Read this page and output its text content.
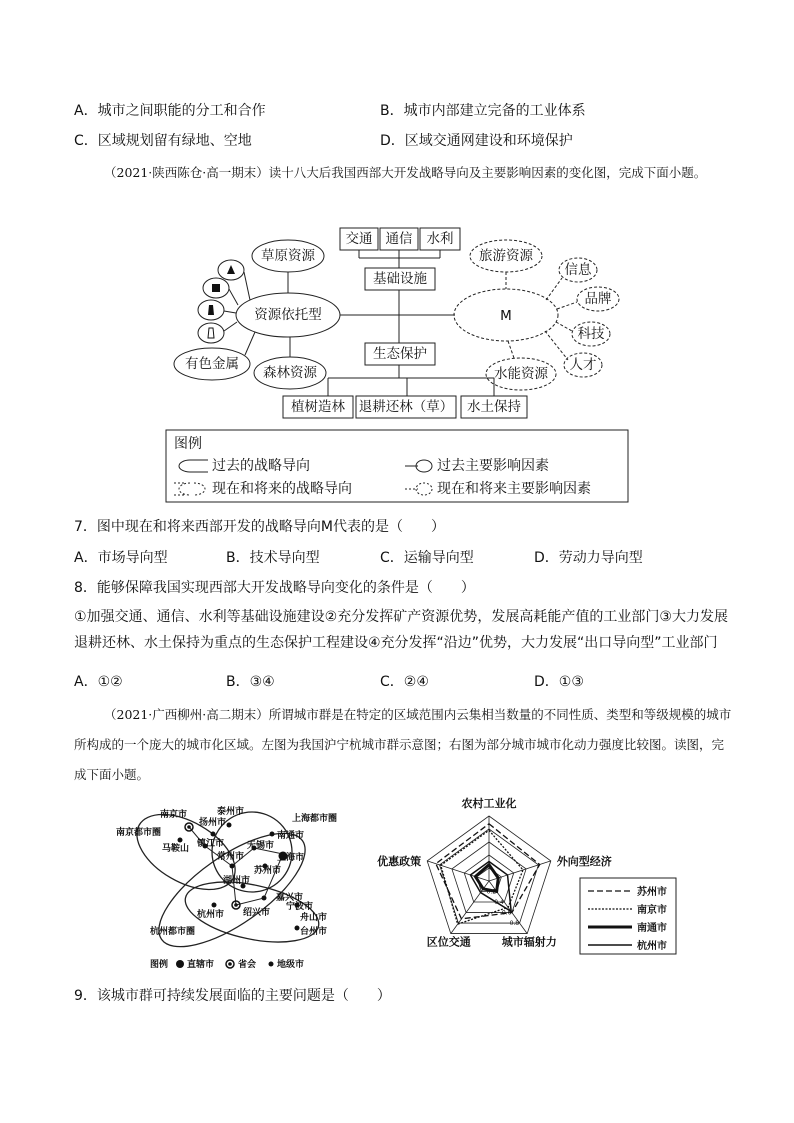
A．城市之间职能的分工和合作	B．城市内部建立完备的工业体系
C．区域规划留有绿地、空地	D．区域交通网建设和环境保护
（2021·陕西陈仓·高一期末）读十八大后我国西部大开发战略导向及主要影响因素的变化图，完成下面小题。
交通 通信 水利
基础设施
草原资源
资源依托型
有色金属
森林资源
生态保护
植树造林 退耕还林（草） 水土保持
旅游资源
M
水能资源
信息
品牌
科技
人才
图例
过去的战略导向	过去主要影响因素
现在和将来的战略导向	现在和将来主要影响因素
7．图中现在和将来西部开发的战略导向M代表的是（　　）
A．市场导向型	B．技术导向型	C．运输导向型	D．劳动力导向型
8．能够保障我国实现西部大开发战略导向变化的条件是（　　）
①加强交通、通信、水利等基础设施建设②充分发挥矿产资源优势，发展高耗能产值的工业部门③大力发展退耕还林、水土保持为重点的生态保护工程建设④充分发挥“沿边”优势，大力发展“出口导向型”工业部门
A．①②	B．③④	C．②④	D．①③
（2021·广西柳州·高二期末）所谓城市群是在特定的区域范围内云集相当数量的不同性质、类型和等级规模的城市所构成的一个庞大的城市化区域。左图为我国沪宁杭城市群示意图；右图为部分城市城市化动力强度比较图。读图，完成下面小题。
南京市	泰州市
扬州市
南京都市圈
马鞍山 镇江市
常州市
无锡市
南通市
上海都市圈
上海市
苏州市
湖州市
嘉兴市
宁波市
杭州市 绍兴市	舟山市
台州市
杭州都市圈
图例 直辖市	省会 地级市
农村工业化
外向型经济
城市辐射力
区位交通
优惠政策
0.2
0.4
0.6
0.8
苏州市
南京市
南通市
杭州市
9．该城市群可持续发展面临的主要问题是（　　）
